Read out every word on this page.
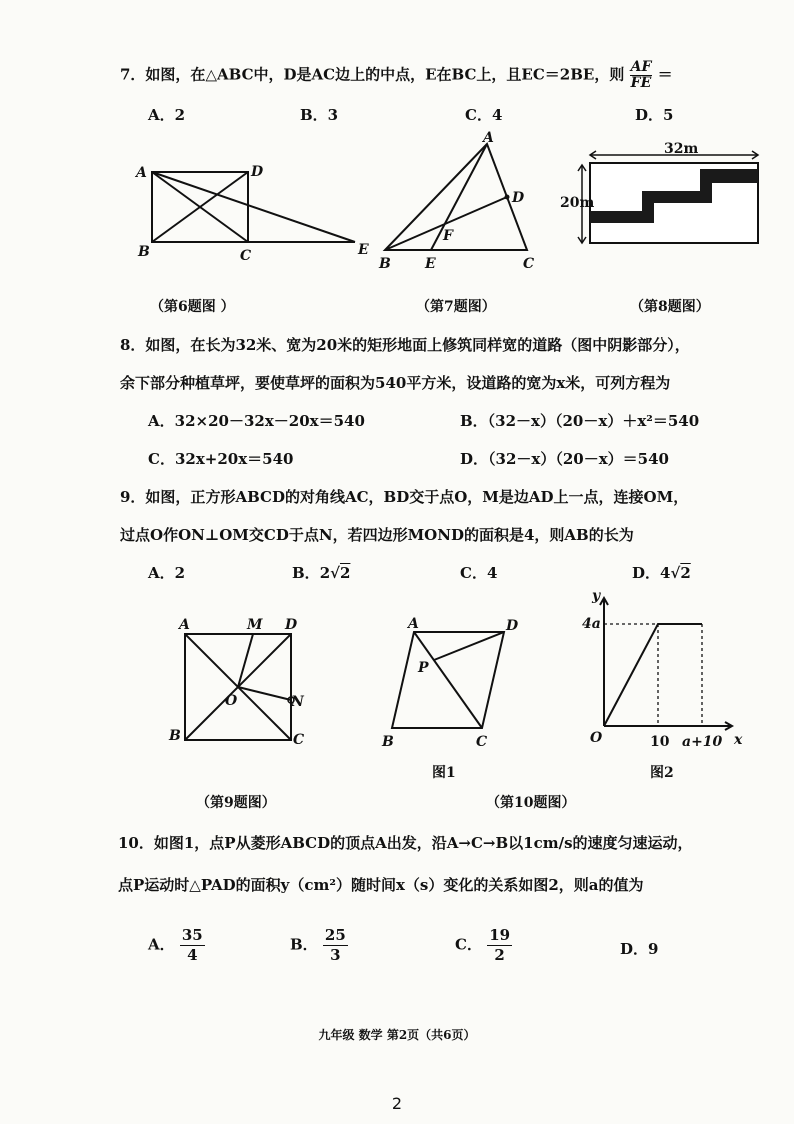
7．如图，在△ABC中，D是AC边上的中点，E在BC上，且EC＝2BE，则 $\frac{AF}{FE}$ ＝
A．2	B．3	C．4	D．5
A	D
B	C	E
A
D
F
B E	C
32m
20m
（第6题图 ）	（第7题图）	（第8题图）
8．如图，在长为32米、宽为20米的矩形地面上修筑同样宽的道路（图中阴影部分），
余下部分种植草坪，要使草坪的面积为540平方米，设道路的宽为x米，可列方程为
A．32×20－32x－20x＝540	B．（32－x）（20－x）＋x²＝540
C．32x+20x＝540	D．（32－x）（20－x）＝540
9．如图，正方形ABCD的对角线AC，BD交于点O，M是边AD上一点，连接OM，
过点O作ON⊥OM交CD于点N，若四边形MOND的面积是4，则AB的长为
A．2	B．2√2	C．4	D．4√2
A	M D
O	N
B	C
A	D
P
B	C
图1
y
x
O
4a
10 a+10
图2
（第9题图）	（第10题图）
10．如图1，点P从菱形ABCD的顶点A出发，沿A→C→B以1cm/s的速度匀速运动，
点P运动时△PAD的面积y（cm²）随时间x（s）变化的关系如图2，则a的值为
A． $\frac{35}{4}$	B． $\frac{25}{3}$	C． $\frac{19}{2}$	D．9
九年级 数学 第2页（共6页）
2
